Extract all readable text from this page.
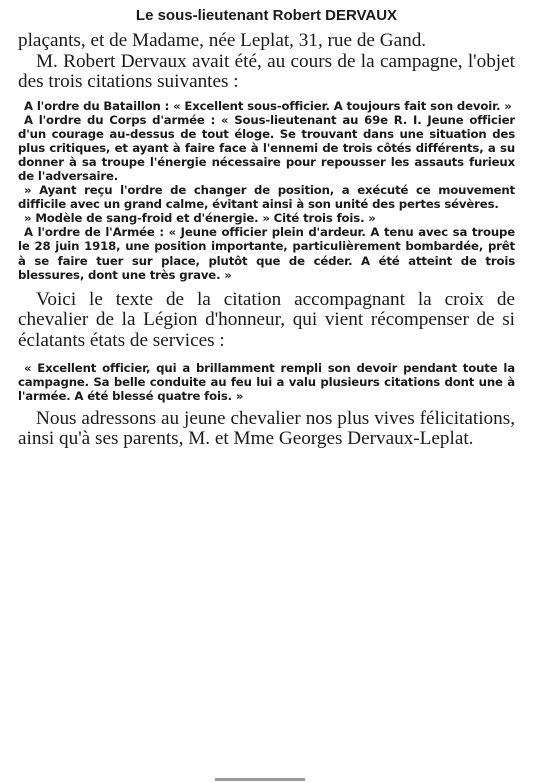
Le sous-lieutenant Robert DERVAUX

plaçants, et de Madame, née Leplat, 31, rue de Gand.

M. Robert Dervaux avait été, au cours de la campagne, l'objet des trois citations suivantes :

A l'ordre du Bataillon : « Excellent sous-officier. A toujours fait son devoir. »

A l'ordre du Corps d'armée : « Sous-lieutenant au 69e R. I. Jeune officier d'un courage au-dessus de tout éloge. Se trouvant dans une situation des plus critiques, et ayant à faire face à l'ennemi de trois côtés différents, a su donner à sa troupe l'énergie nécessaire pour repousser les assauts furieux de l'adversaire.

» Ayant reçu l'ordre de changer de position, a exécuté ce mouvement difficile avec un grand calme, évitant ainsi à son unité des pertes sévères.

» Modèle de sang-froid et d'énergie. » Cité trois fois. »

A l'ordre de l'Armée : « Jeune officier plein d'ardeur. A tenu avec sa troupe le 28 juin 1918, une position importante, particulièrement bombardée, prêt à se faire tuer sur place, plutôt que de céder. A été atteint de trois blessures, dont une très grave. »

Voici le texte de la citation accompagnant la croix de chevalier de la Légion d'honneur, qui vient récompenser de si éclatants états de services :

« Excellent officier, qui a brillamment rempli son devoir pendant toute la campagne. Sa belle conduite au feu lui a valu plusieurs citations dont une à l'armée. A été blessé quatre fois. »

Nous adressons au jeune chevalier nos plus vives félicitations, ainsi qu'à ses parents, M. et Mme Georges Dervaux-Leplat.
